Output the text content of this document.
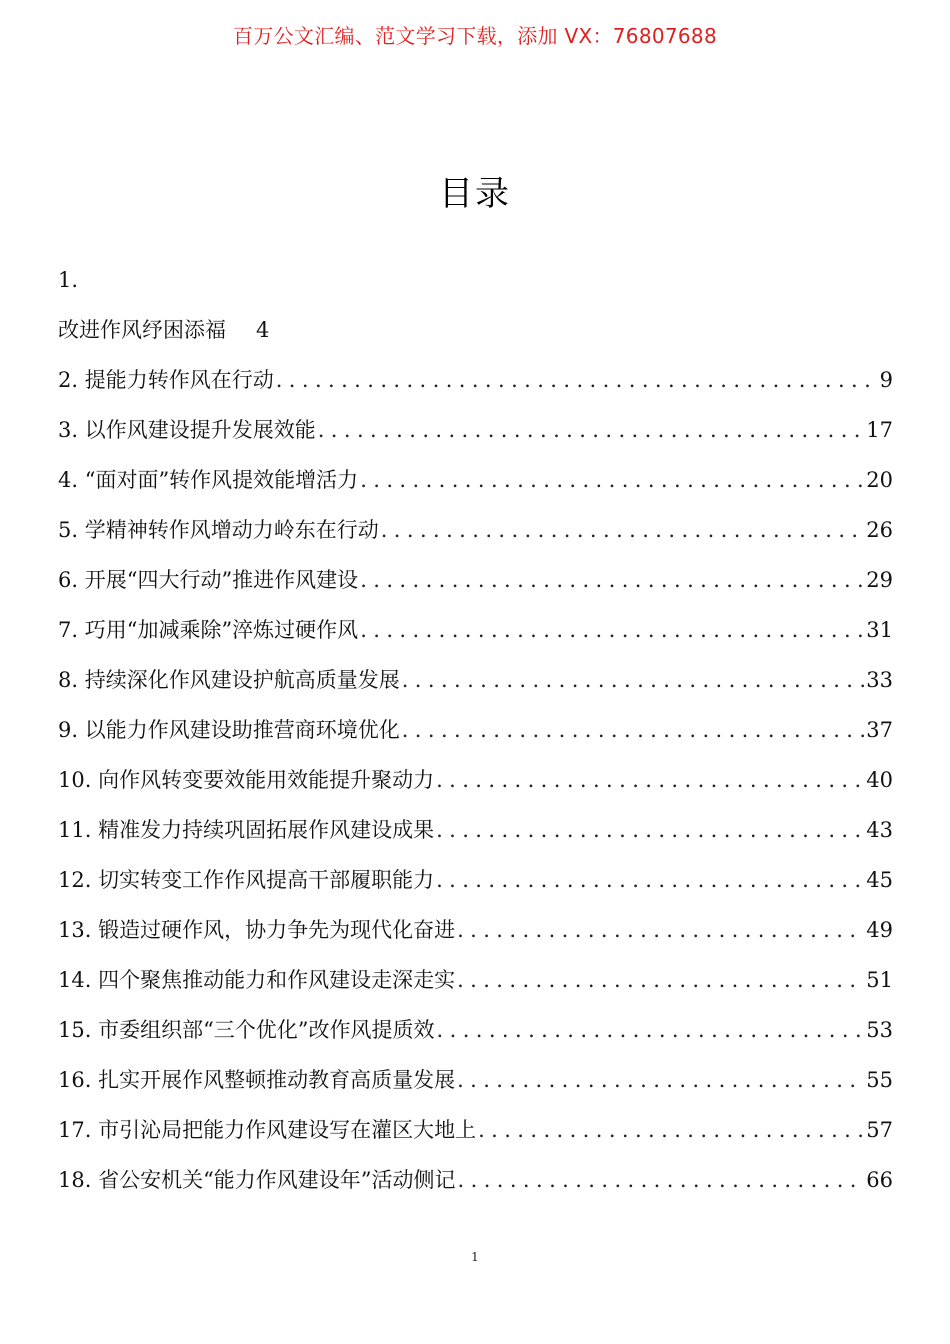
百万公文汇编、范文学习下载，添加 VX：76807688
目录
1.
改进作风纾困添福 4
2. 提能力转作风在行动 .....	9
3. 以作风建设提升发展效能 .....	17
4. “面对面”转作风提效能增活力 .....	20
5. 学精神转作风增动力岭东在行动 .....	26
6. 开展“四大行动”推进作风建设 .....	29
7. 巧用“加减乘除”淬炼过硬作风 .....	31
8. 持续深化作风建设护航高质量发展 .....	33
9. 以能力作风建设助推营商环境优化 .....	37
10. 向作风转变要效能用效能提升聚动力 .....	40
11. 精准发力持续巩固拓展作风建设成果 .....	43
12. 切实转变工作作风提高干部履职能力 .....	45
13. 锻造过硬作风，协力争先为现代化奋进 .....	49
14. 四个聚焦推动能力和作风建设走深走实 .....	51
15. 市委组织部“三个优化”改作风提质效 .....	53
16. 扎实开展作风整顿推动教育高质量发展 .....	55
17. 市引沁局把能力作风建设写在灌区大地上 .....	57
18. 省公安机关“能力作风建设年”活动侧记 .....	66
1
